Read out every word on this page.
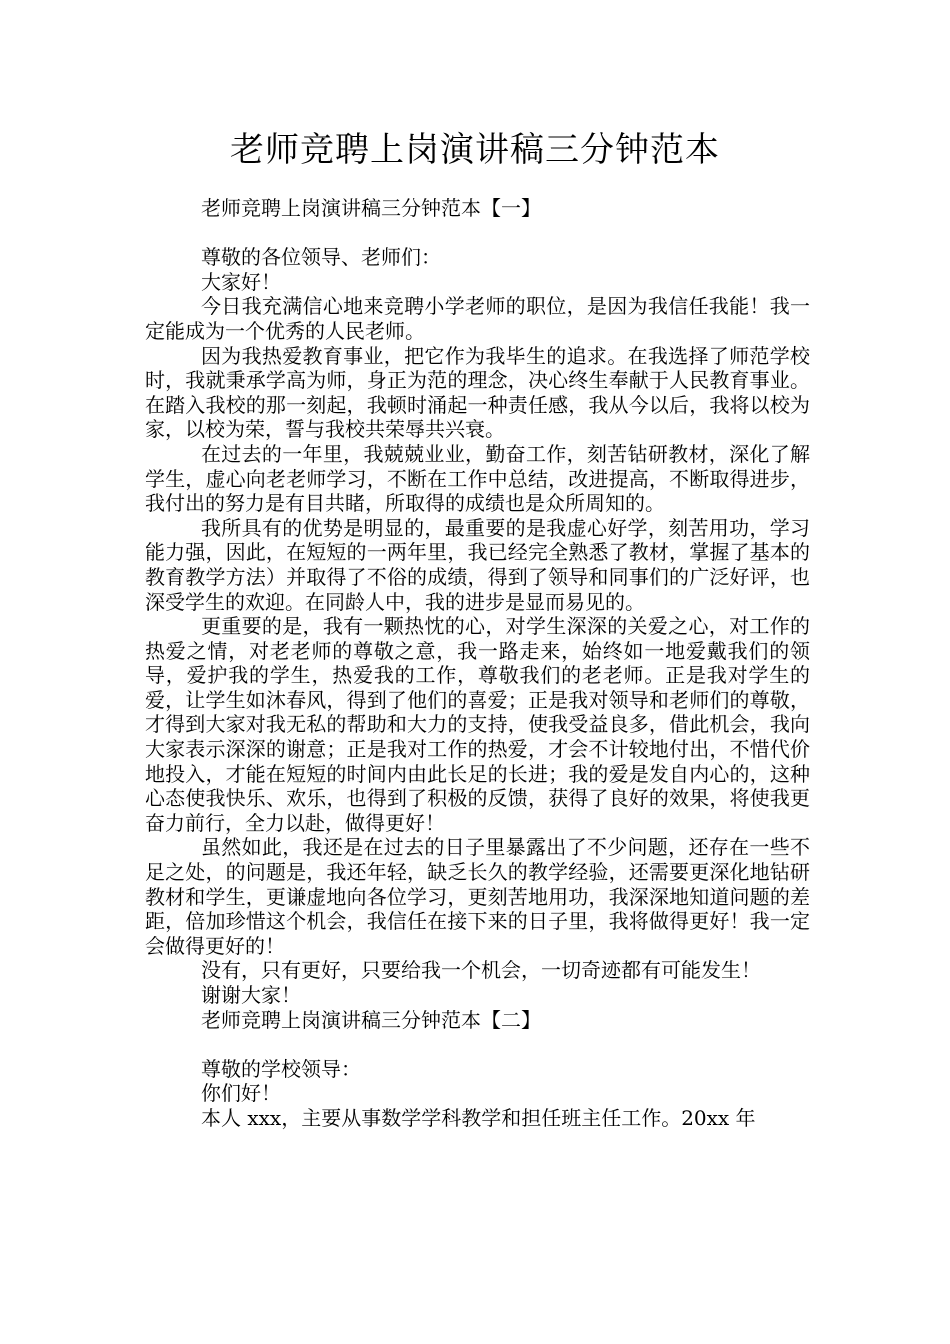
老师竞聘上岗演讲稿三分钟范本

老师竞聘上岗演讲稿三分钟范本【一】

尊敬的各位领导、老师们：

大家好！

今日我充满信心地来竞聘小学老师的职位，是因为我信任我能！我一定能成为一个优秀的人民老师。

因为我热爱教育事业，把它作为我毕生的追求。在我选择了师范学校时，我就秉承学高为师，身正为范的理念，决心终生奉献于人民教育事业。在踏入我校的那一刻起，我顿时涌起一种责任感，我从今以后，我将以校为家，以校为荣，誓与我校共荣辱共兴衰。

在过去的一年里，我兢兢业业，勤奋工作，刻苦钻研教材，深化了解学生，虚心向老老师学习，不断在工作中总结，改进提高，不断取得进步，我付出的努力是有目共睹，所取得的成绩也是众所周知的。

我所具有的优势是明显的，最重要的是我虚心好学，刻苦用功，学习能力强，因此，在短短的一两年里，我已经完全熟悉了教材，掌握了基本的教育教学方法）并取得了不俗的成绩，得到了领导和同事们的广泛好评，也深受学生的欢迎。在同龄人中，我的进步是显而易见的。

更重要的是，我有一颗热忱的心，对学生深深的关爱之心，对工作的热爱之情，对老老师的尊敬之意，我一路走来，始终如一地爱戴我们的领导，爱护我的学生，热爱我的工作，尊敬我们的老老师。正是我对学生的爱，让学生如沐春风，得到了他们的喜爱；正是我对领导和老师们的尊敬，才得到大家对我无私的帮助和大力的支持，使我受益良多，借此机会，我向大家表示深深的谢意；正是我对工作的热爱，才会不计较地付出，不惜代价地投入，才能在短短的时间内由此长足的长进；我的爱是发自内心的，这种心态使我快乐、欢乐，也得到了积极的反馈，获得了良好的效果，将使我更奋力前行，全力以赴，做得更好！

虽然如此，我还是在过去的日子里暴露出了不少问题，还存在一些不足之处，的问题是，我还年轻，缺乏长久的教学经验，还需要更深化地钻研教材和学生，更谦虚地向各位学习，更刻苦地用功，我深深地知道问题的差距，倍加珍惜这个机会，我信任在接下来的日子里，我将做得更好！我一定会做得更好的！

没有，只有更好，只要给我一个机会，一切奇迹都有可能发生！

谢谢大家！

老师竞聘上岗演讲稿三分钟范本【二】

尊敬的学校领导：

你们好！

本人 xxx，主要从事数学学科教学和担任班主任工作。20xx 年
